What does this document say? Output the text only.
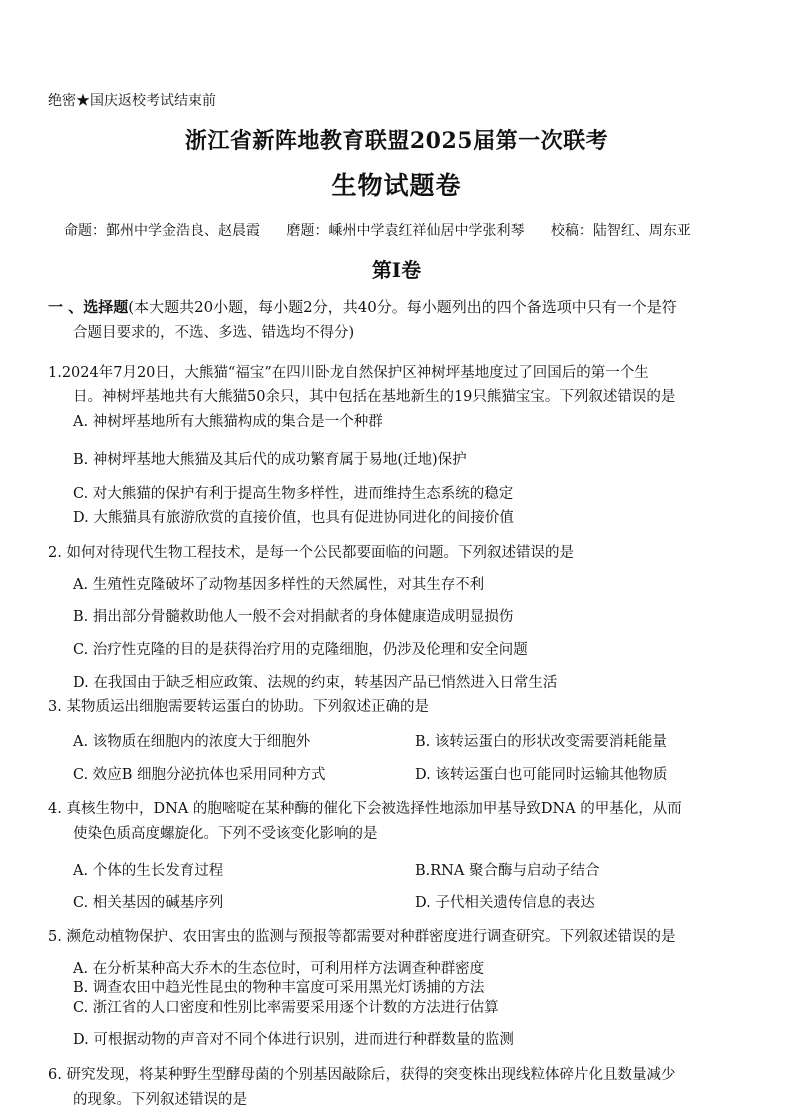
绝密★国庆返校考试结束前
浙江省新阵地教育联盟2025届第一次联考
生物试题卷
命题：鄞州中学金浩良、赵晨霞 磨题：嵊州中学袁红祥仙居中学张利琴 校稿：陆智红、周东亚
第Ⅰ卷
一 、选择题(本大题共20小题，每小题2分，共40分。每小题列出的四个备选项中只有一个是符
合题目要求的，不选、多选、错选均不得分)
1.2024年7月20日，大熊猫“福宝”在四川卧龙自然保护区神树坪基地度过了回国后的第一个生
日。神树坪基地共有大熊猫50余只，其中包括在基地新生的19只熊猫宝宝。下列叙述错误的是
A. 神树坪基地所有大熊猫构成的集合是一个种群
B. 神树坪基地大熊猫及其后代的成功繁育属于易地(迁地)保护
C. 对大熊猫的保护有利于提高生物多样性，进而维持生态系统的稳定
D. 大熊猫具有旅游欣赏的直接价值，也具有促进协同进化的间接价值
2. 如何对待现代生物工程技术，是每一个公民都要面临的问题。下列叙述错误的是
A. 生殖性克隆破坏了动物基因多样性的天然属性，对其生存不利
B. 捐出部分骨髓救助他人一般不会对捐献者的身体健康造成明显损伤
C. 治疗性克隆的目的是获得治疗用的克隆细胞，仍涉及伦理和安全问题
D. 在我国由于缺乏相应政策、法规的约束，转基因产品已悄然进入日常生活
3. 某物质运出细胞需要转运蛋白的协助。下列叙述正确的是
A. 该物质在细胞内的浓度大于细胞外	B. 该转运蛋白的形状改变需要消耗能量
C. 效应B 细胞分泌抗体也采用同种方式	D. 该转运蛋白也可能同时运输其他物质
4. 真核生物中，DNA 的胞嘧啶在某种酶的催化下会被选择性地添加甲基导致DNA 的甲基化，从而
使染色质高度螺旋化。下列不受该变化影响的是
A. 个体的生长发育过程	B.RNA 聚合酶与启动子结合
C. 相关基因的碱基序列	D. 子代相关遗传信息的表达
5. 濒危动植物保护、农田害虫的监测与预报等都需要对种群密度进行调查研究。下列叙述错误的是
A. 在分析某种高大乔木的生态位时，可利用样方法调查种群密度
B. 调查农田中趋光性昆虫的物种丰富度可采用黑光灯诱捕的方法
C. 浙江省的人口密度和性别比率需要采用逐个计数的方法进行估算
D. 可根据动物的声音对不同个体进行识别，进而进行种群数量的监测
6. 研究发现，将某种野生型酵母菌的个别基因敲除后，获得的突变株出现线粒体碎片化且数量减少
的现象。下列叙述错误的是
